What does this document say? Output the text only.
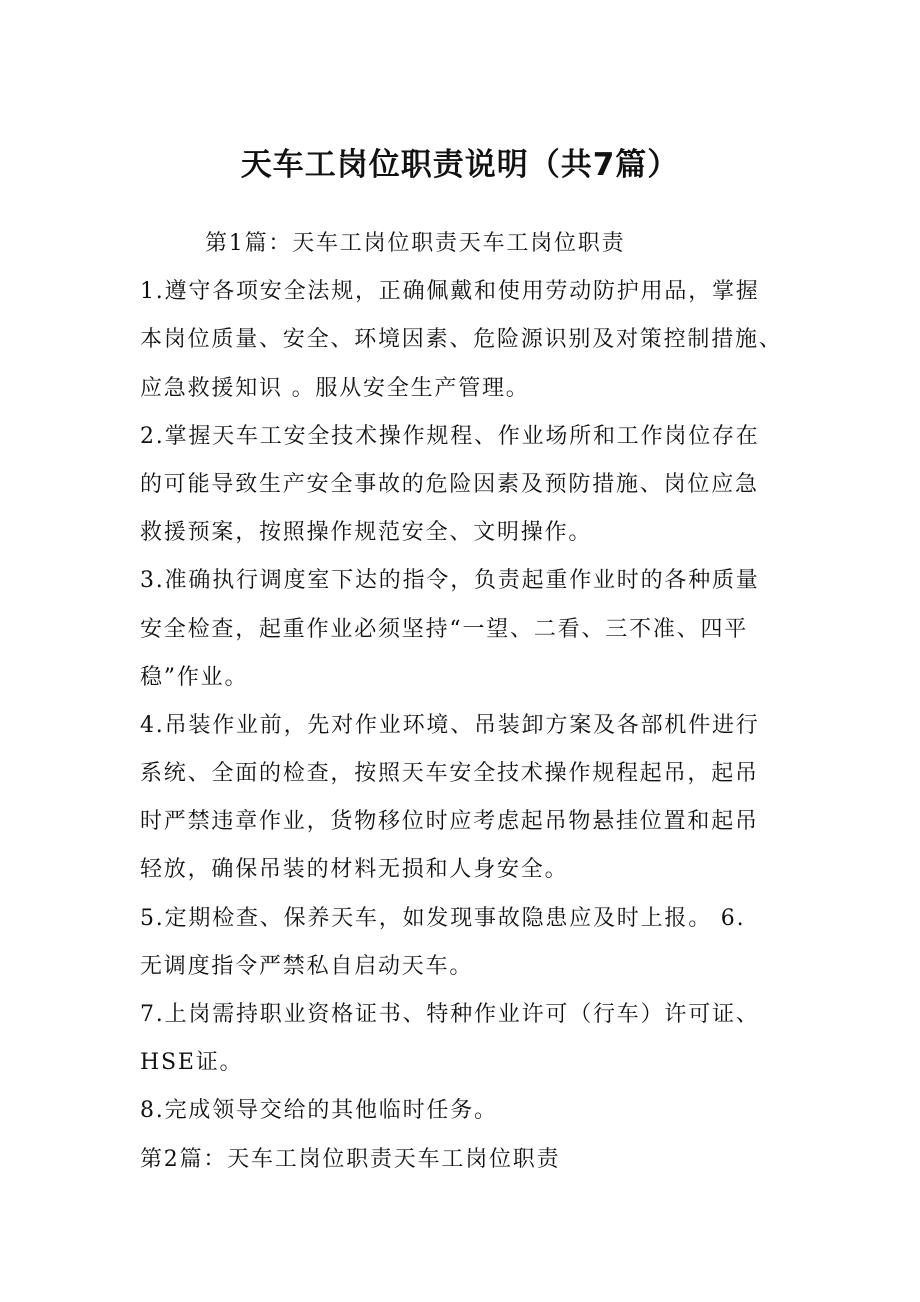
天车工岗位职责说明（共7篇）
第1篇：天车工岗位职责天车工岗位职责
1.遵守各项安全法规，正确佩戴和使用劳动防护用品，掌握
本岗位质量、安全、环境因素、危险源识别及对策控制措施、
应急救援知识 。服从安全生产管理。
2.掌握天车工安全技术操作规程、作业场所和工作岗位存在
的可能导致生产安全事故的危险因素及预防措施、岗位应急
救援预案，按照操作规范安全、文明操作。
3.准确执行调度室下达的指令，负责起重作业时的各种质量
安全检查，起重作业必须坚持“一望、二看、三不准、四平
稳”作业。
4.吊装作业前，先对作业环境、吊装卸方案及各部机件进行
系统、全面的检查，按照天车安全技术操作规程起吊，起吊
时严禁违章作业，货物移位时应考虑起吊物悬挂位置和起吊
轻放，确保吊装的材料无损和人身安全。
5.定期检查、保养天车，如发现事故隐患应及时上报。 6.
无调度指令严禁私自启动天车。
7.上岗需持职业资格证书、特种作业许可（行车）许可证、
HSE证。
8.完成领导交给的其他临时任务。
第2篇：天车工岗位职责天车工岗位职责
